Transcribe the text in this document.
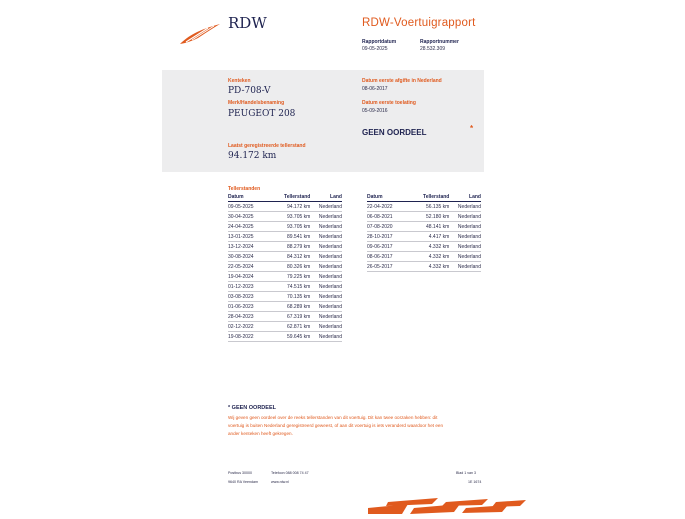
RDW	RDW-Voertuigrapport
Rapportdatum
09-05-2025
Rapportnummer
28.532.309
Kenteken
PD-708-V
Merk/Handelsbenaming
PEUGEOT 208
Datum eerste afgifte in Nederland
08-06-2017
Datum eerste toelating
05-09-2016
GEEN OORDEEL	*
Laatst geregistreerde tellerstand
94.172 km
Tellerstanden
Datum	Tellerstand	Land
09-05-2025	94.172 km	Nederland
30-04-2025	93.705 km	Nederland
24-04-2025	93.705 km	Nederland
13-01-2025	89.541 km	Nederland
13-12-2024	88.279 km	Nederland
30-08-2024	84.312 km	Nederland
22-05-2024	80.326 km	Nederland
19-04-2024	79.225 km	Nederland
01-12-2023	74.515 km	Nederland
03-08-2023	70.135 km	Nederland
01-06-2023	68.289 km	Nederland
28-04-2023	67.319 km	Nederland
02-12-2022	62.871 km	Nederland
19-08-2022	59.645 km	Nederland
Datum	Tellerstand	Land
22-04-2022	56.135 km	Nederland
06-08-2021	52.180 km	Nederland
07-08-2020	48.141 km	Nederland
28-10-2017	4.417 km	Nederland
09-06-2017	4.332 km	Nederland
08-06-2017	4.332 km	Nederland
26-05-2017	4.332 km	Nederland
* GEEN OORDEEL
Wij geven geen oordeel over de reeks tellerstanden van dit voertuig. Dit kan twee oorzaken hebben: dit
voertuig is buiten Nederland geregistreerd geweest, of aan dit voertuig is iets veranderd waardoor het een
ander kenteken heeft gekregen.
Postbus 30000
9640 RA Veendam
Telefoon 088 008 74 47
www.rdw.nl
Blad 1 van 3
1E 1674
